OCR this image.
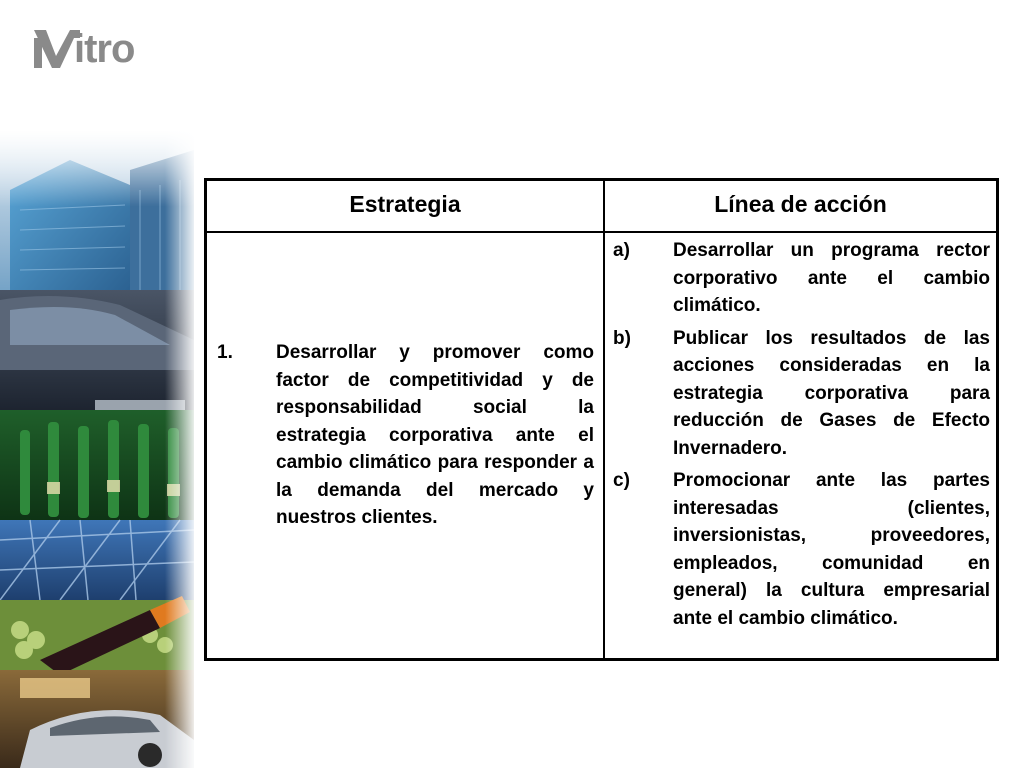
itro
Estrategia	Línea de acción
1. Desarrollar y promover como factor de competitividad y de responsabilidad social la estrategia corporativa ante el cambio climático para responder a la demanda del mercado y nuestros clientes.
a) Desarrollar un programa rector corporativo ante el cambio climático.
b) Publicar los resultados de las acciones consideradas en la estrategia corporativa para reducción de Gases de Efecto Invernadero.
c) Promocionar ante las partes interesadas (clientes, inversionistas, proveedores, empleados, comunidad en general) la cultura empresarial ante el cambio climático.
